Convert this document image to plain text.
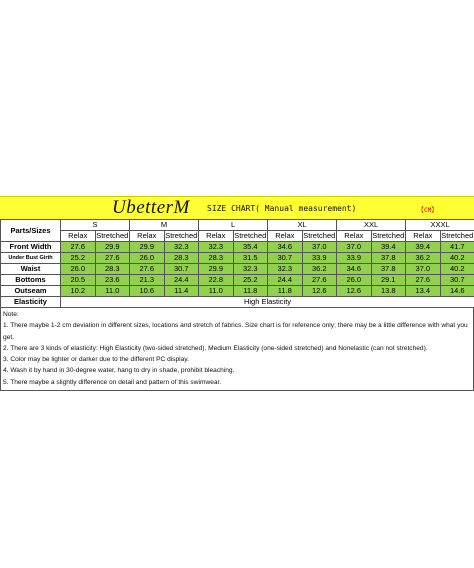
UbetterM SIZE CHART( Manual measurement)	【CM】
Parts/Sizes	S		M		L		XL		XXL		XXXL	
	Relax	Stretched	Relax	Stretched	Relax	Stretched	Relax	Stretched	Relax	Stretched	Relax	Stretched
Front Width	27.6	29.9	29.9	32.3	32.3	35.4	34.6	37.0	37.0	39.4	39.4	41.7
Under Bust Girth	25.2	27.6	26.0	28.3	28.3	31.5	30.7	33.9	33.9	37.8	36.2	40.2
Waist	26.0	28.3	27.6	30.7	29.9	32.3	32.3	36.2	34.6	37.8	37.0	40.2
Bottoms	20.5	23.6	21.3	24.4	22.8	25.2	24.4	27.6	26.0	29.1	27.6	30.7
Outseam	10.2	11.0	10.6	11.4	11.0	11.8	11.8	12.6	12.6	13.8	13.4	14.6
Elasticity	High Elasticity											
Note:
1. There maybe 1-2 cm deviation in different sizes, locations and stretch of fabrics. Size chart is for reference only; there may be a little difference with what you get.
2. There are 3 kinds of elasticity: High Elasticity (two-sided stretched), Medium Elasticity (one-sided stretched) and Nonelastic (can not stretched).
3. Color may be lighter or darker due to the different PC display.
4. Wash it by hand in 30-degree water, hang to dry in shade, prohibit bleaching.
5. There maybe a slightly difference on detail and pattern of this swimwear.
